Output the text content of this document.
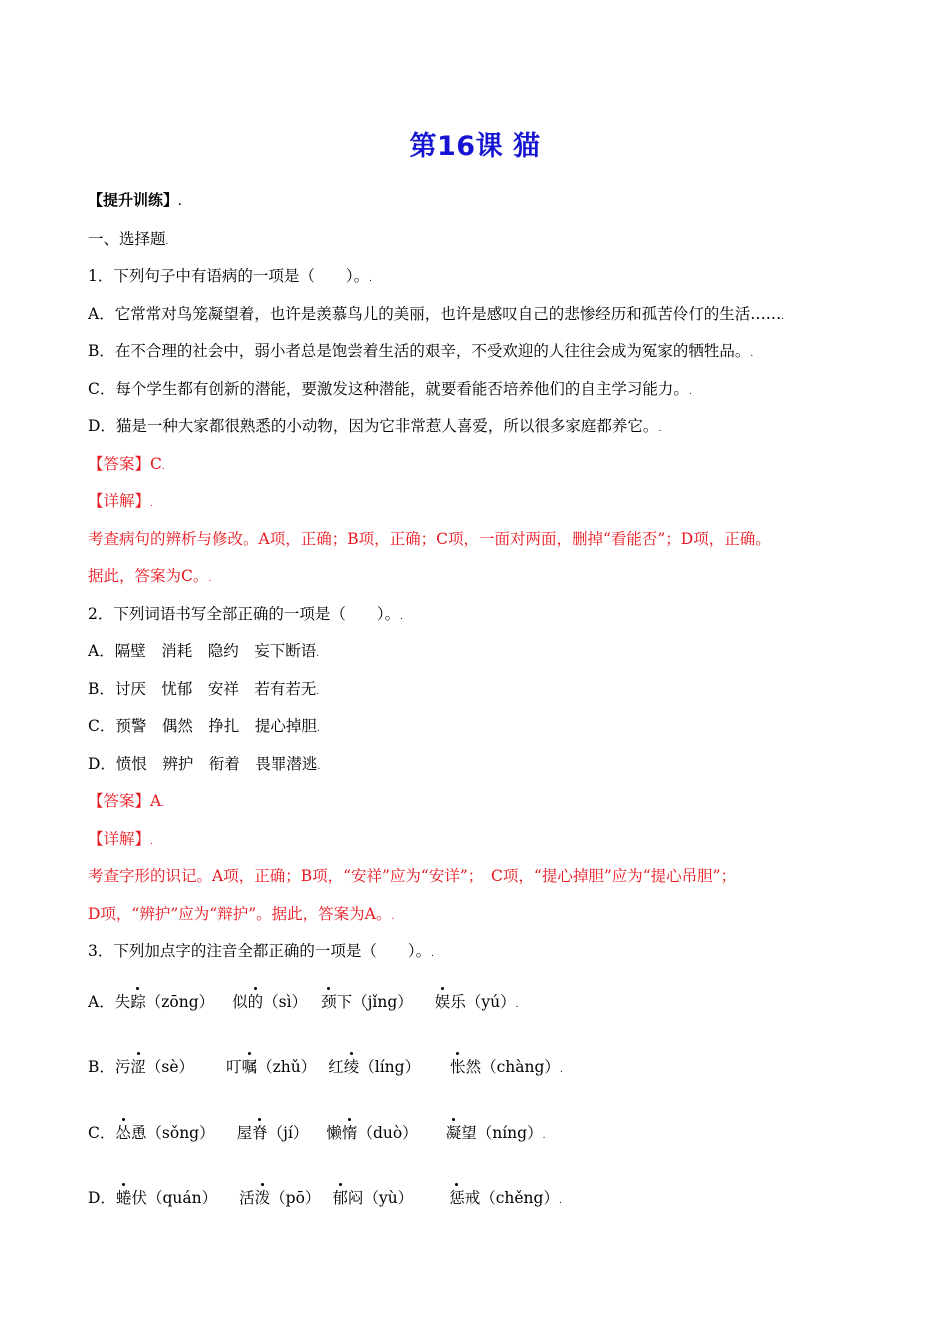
第16课 猫
【提升训练】.
一、选择题.
1．下列句子中有语病的一项是（　　）。.
A．它常常对鸟笼凝望着，也许是羡慕鸟儿的美丽，也许是感叹自己的悲惨经历和孤苦伶仃的生活…….
B．在不合理的社会中，弱小者总是饱尝着生活的艰辛，不受欢迎的人往往会成为冤家的牺牲品。.
C．每个学生都有创新的潜能，要激发这种潜能，就要看能否培养他们的自主学习能力。.
D．猫是一种大家都很熟悉的小动物，因为它非常惹人喜爱，所以很多家庭都养它。.
【答案】C.
【详解】.
考查病句的辨析与修改。A项，正确；B项，正确；C项，一面对两面，删掉“看能否”；D项，正确。
据此，答案为C。.
2．下列词语书写全部正确的一项是（　　）。.
A．隔壁　消耗　隐约　妄下断语.
B．讨厌　忧郁　安祥　若有若无.
C．预警　偶然　挣扎　提心掉胆.
D．愤恨　辨护　衔着　畏罪潜逃.
【答案】A.
【详解】.
考查字形的识记。A项，正确；B项，“安祥”应为“安详”；　C项，“提心掉胆”应为“提心吊胆”；
D项，“辨护”应为“辩护”。据此，答案为A。.
3．下列加点字的注音全都正确的一项是（　　）。.
A．失踪（zōng） 似的（sì） 颈下（jǐng） 娱乐（yú）.
B．污涩（sè） 叮嘱（zhǔ） 红绫（líng） 怅然（chàng）.
C．怂恿（sǒng） 屋脊（jí） 懒惰（duò） 凝望（níng）.
D．蜷伏（quán） 活泼（pō） 郁闷（yù） 惩戒（chěng）.
